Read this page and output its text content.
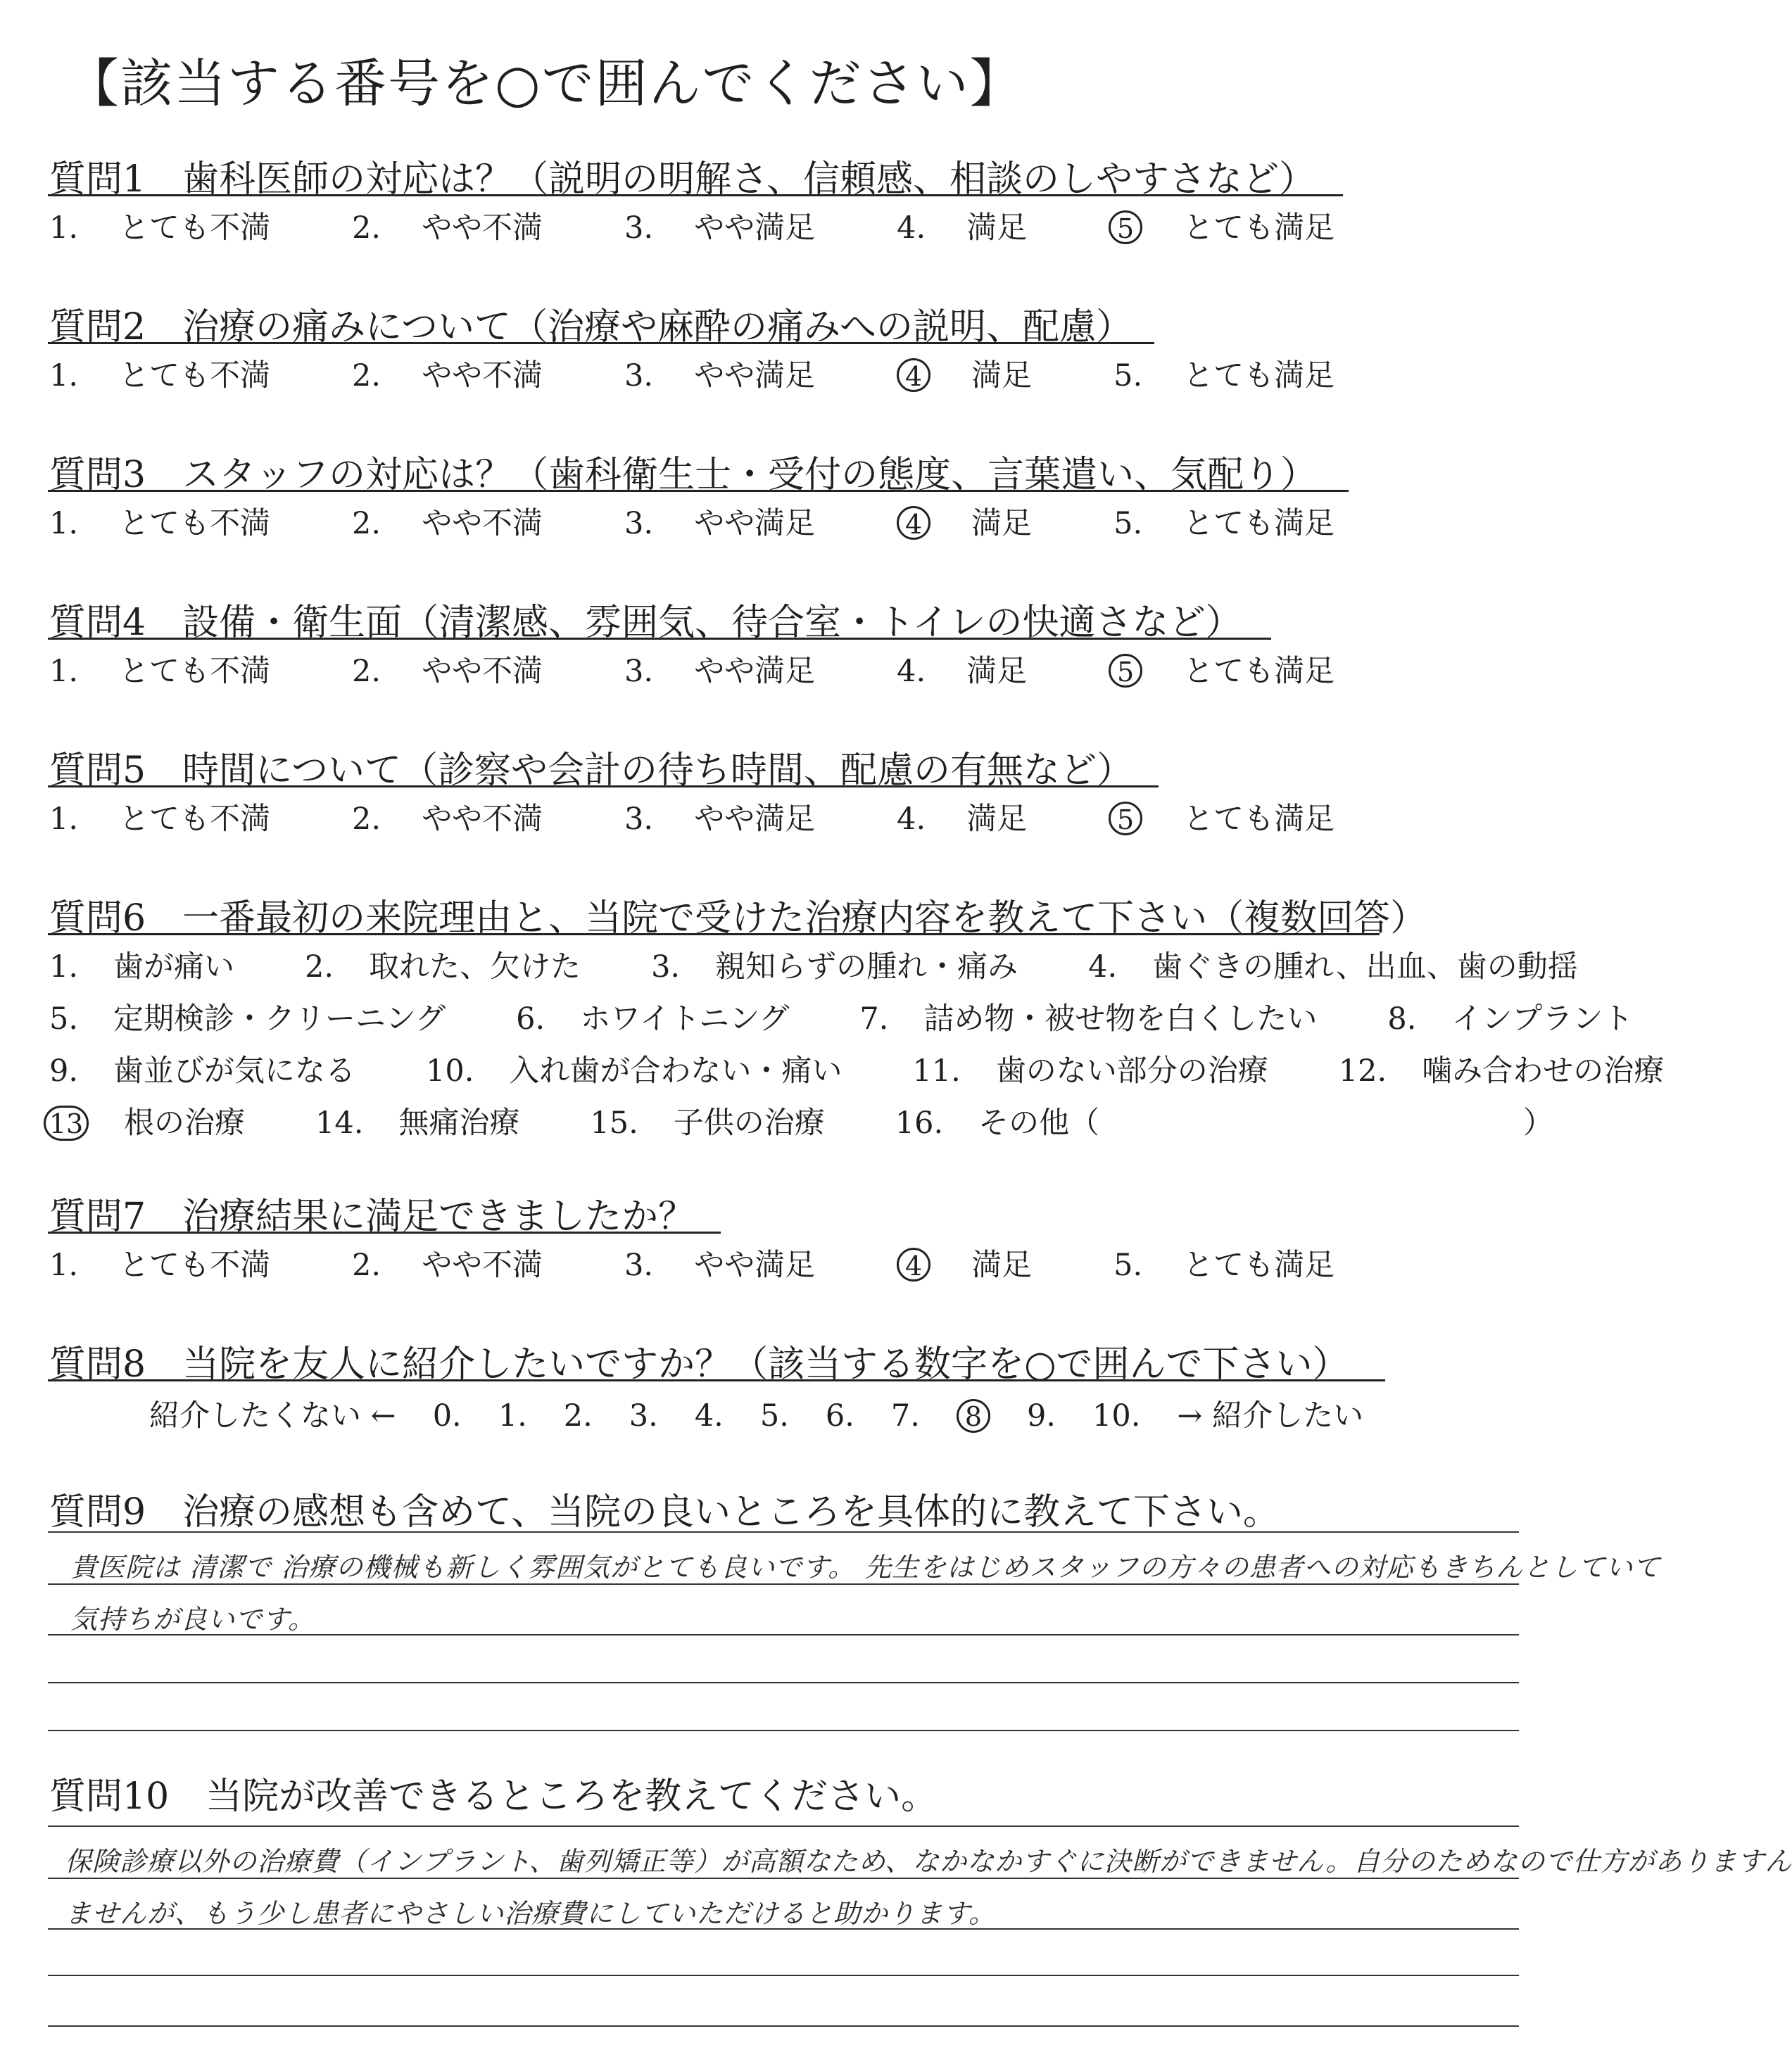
【該当する番号を○で囲んでください】
質問1　歯科医師の対応は？（説明の明解さ、信頼感、相談のしやすさなど）
1. とても不満	2. やや不満	3. やや満足	4. 満足	5 とても満足
質問2　治療の痛みについて（治療や麻酔の痛みへの説明、配慮）
1. とても不満	2. やや不満	3. やや満足	4 満足	5. とても満足
質問3　スタッフの対応は？（歯科衛生士・受付の態度、言葉遣い、気配り）
1. とても不満	2. やや不満	3. やや満足	4 満足	5. とても満足
質問4　設備・衛生面（清潔感、雰囲気、待合室・トイレの快適さなど）
1. とても不満	2. やや不満	3. やや満足	4. 満足	5 とても満足
質問5　時間について（診察や会計の待ち時間、配慮の有無など）
1. とても不満	2. やや不満	3. やや満足	4. 満足	5 とても満足
質問6　一番最初の来院理由と、当院で受けた治療内容を教えて下さい（複数回答）
1. 歯が痛い 2. 取れた、欠けた 3. 親知らずの腫れ・痛み 4. 歯ぐきの腫れ、出血、歯の動揺
5. 定期検診・クリーニング 6. ホワイトニング 7. 詰め物・被せ物を白くしたい 8. インプラント
9. 歯並びが気になる 10. 入れ歯が合わない・痛い 11. 歯のない部分の治療 12. 噛み合わせの治療
13 根の治療 14. 無痛治療 15. 子供の治療 16. その他（	）
質問7　治療結果に満足できましたか？
1. とても不満	2. やや不満	3. やや満足	4 満足	5. とても満足
質問8　当院を友人に紹介したいですか？（該当する数字を○で囲んで下さい）
紹介したくない ← 0. 1. 2. 3. 4. 5. 6. 7. 8 9. 10. → 紹介したい
質問9　治療の感想も含めて、当院の良いところを具体的に教えて下さい。
貴医院は 清潔で 治療の機械も新しく雰囲気がとても良いです。 先生をはじめスタッフの方々の患者への対応もきちんとしていて
気持ちが良いです。
質問10　当院が改善できるところを教えてください。
保険診療以外の治療費（インプラント、歯列矯正等）が高額なため、なかなかすぐに決断ができません。自分のためなので仕方がありますん
ませんが、もう少し患者にやさしい治療費にしていただけると助かります。
